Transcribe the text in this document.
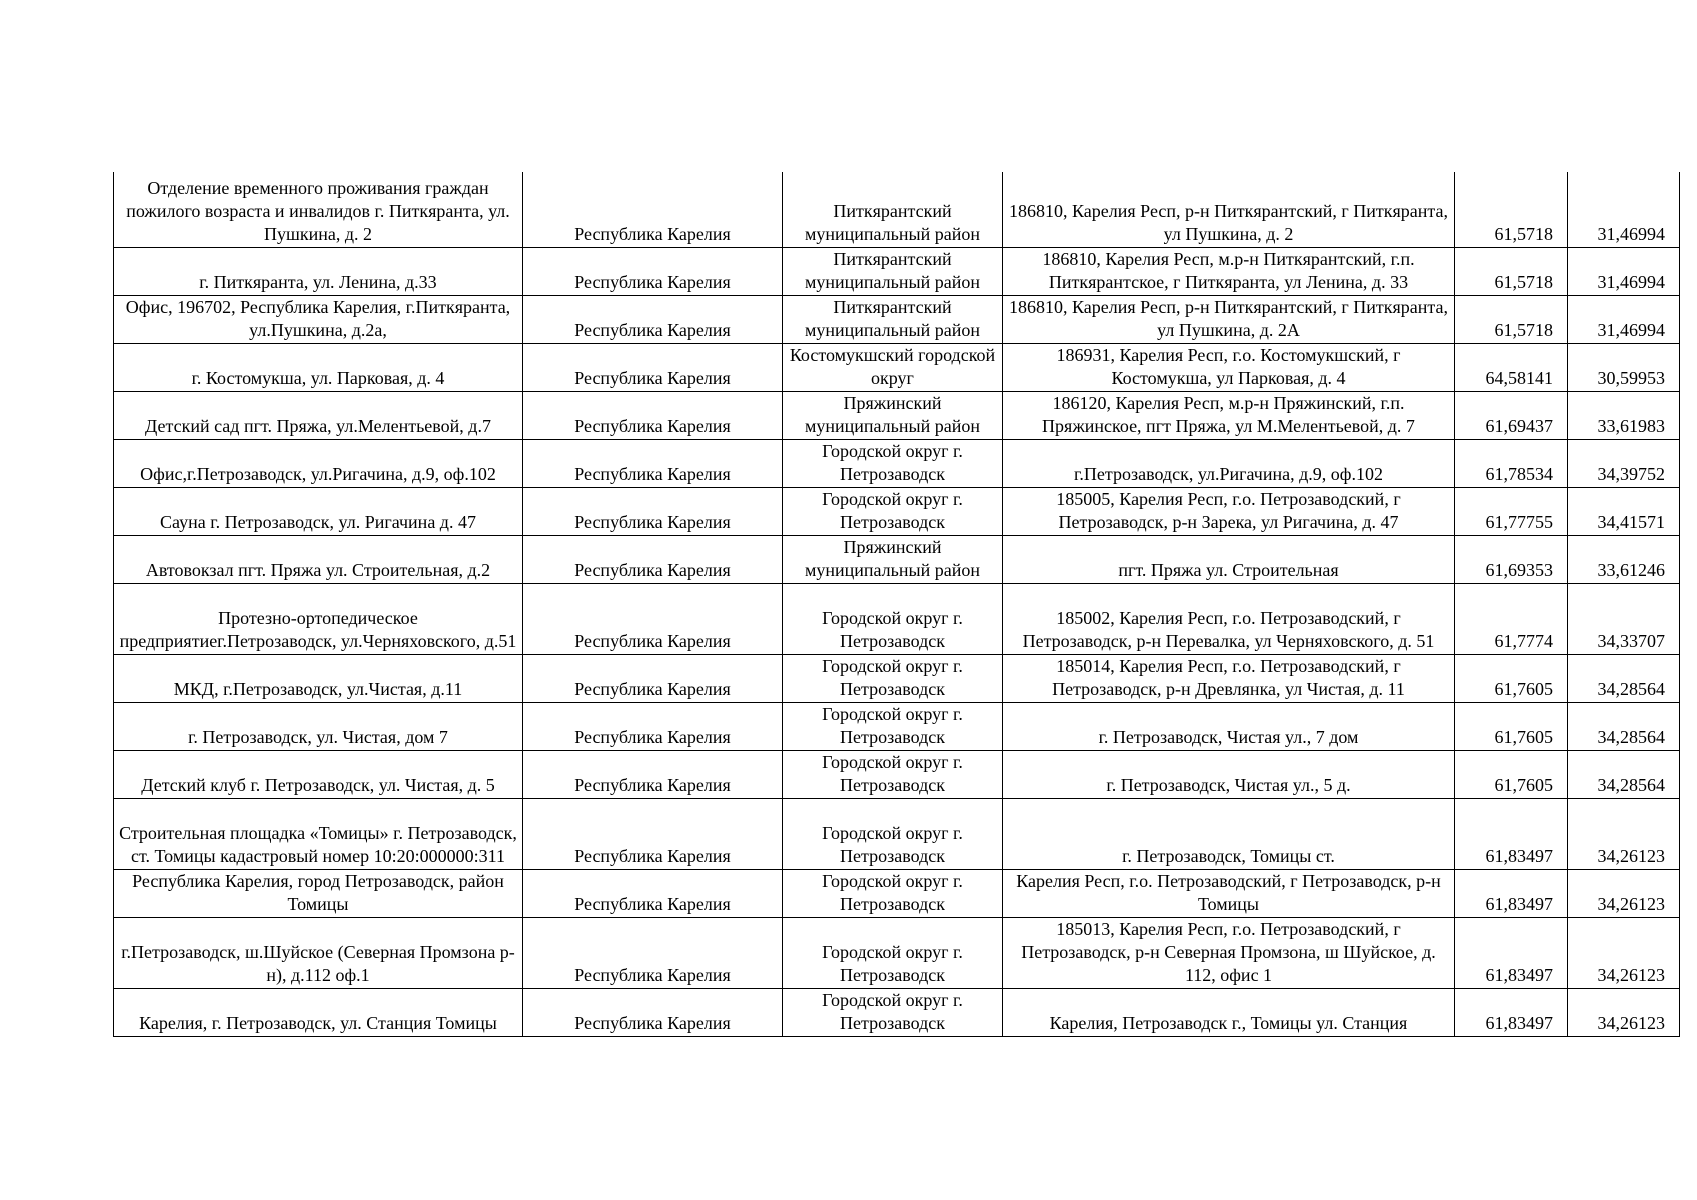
Отделение временного проживания граждан пожилого возраста и инвалидов г. Питкяранта, ул. Пушкина, д. 2	Республика Карелия	Питкярантский муниципальный район	186810, Карелия Респ, р-н Питкярантский, г Питкяранта, ул Пушкина, д. 2	61,5718	31,46994
г. Питкяранта, ул. Ленина, д.33	Республика Карелия	Питкярантский муниципальный район	186810, Карелия Респ, м.р-н Питкярантский, г.п. Питкярантское, г Питкяранта, ул Ленина, д. 33	61,5718	31,46994
Офис, 196702, Республика Карелия, г.Питкяранта, ул.Пушкина, д.2а,	Республика Карелия	Питкярантский муниципальный район	186810, Карелия Респ, р-н Питкярантский, г Питкяранта, ул Пушкина, д. 2А	61,5718	31,46994
г. Костомукша, ул. Парковая, д. 4	Республика Карелия	Костомукшский городской округ	186931, Карелия Респ, г.о. Костомукшский, г Костомукша, ул Парковая, д. 4	64,58141	30,59953
Детский сад пгт. Пряжа, ул.Мелентьевой, д.7	Республика Карелия	Пряжинский муниципальный район	186120, Карелия Респ, м.р-н Пряжинский, г.п. Пряжинское, пгт Пряжа, ул М.Мелентьевой, д. 7	61,69437	33,61983
Офис,г.Петрозаводск, ул.Ригачина, д.9, оф.102	Республика Карелия	Городской округ г. Петрозаводск	г.Петрозаводск, ул.Ригачина, д.9, оф.102	61,78534	34,39752
Сауна г. Петрозаводск, ул. Ригачина д. 47	Республика Карелия	Городской округ г. Петрозаводск	185005, Карелия Респ, г.о. Петрозаводский, г Петрозаводск, р-н Зарека, ул Ригачина, д. 47	61,77755	34,41571
Автовокзал пгт. Пряжа ул. Строительная, д.2	Республика Карелия	Пряжинский муниципальный район	пгт. Пряжа ул. Строительная	61,69353	33,61246
Протезно-ортопедическое предприятиег.Петрозаводск, ул.Черняховского, д.51	Республика Карелия	Городской округ г. Петрозаводск	185002, Карелия Респ, г.о. Петрозаводский, г Петрозаводск, р-н Перевалка, ул Черняховского, д. 51	61,7774	34,33707
МКД, г.Петрозаводск, ул.Чистая, д.11	Республика Карелия	Городской округ г. Петрозаводск	185014, Карелия Респ, г.о. Петрозаводский, г Петрозаводск, р-н Древлянка, ул Чистая, д. 11	61,7605	34,28564
г. Петрозаводск, ул. Чистая, дом 7	Республика Карелия	Городской округ г. Петрозаводск	г. Петрозаводск, Чистая ул., 7 дом	61,7605	34,28564
Детский клуб г. Петрозаводск, ул. Чистая, д. 5	Республика Карелия	Городской округ г. Петрозаводск	г. Петрозаводск, Чистая ул., 5 д.	61,7605	34,28564
Строительная площадка «Томицы» г. Петрозаводск, ст. Томицы кадастровый номер 10:20:000000:311	Республика Карелия	Городской округ г. Петрозаводск	г. Петрозаводск, Томицы ст.	61,83497	34,26123
Республика Карелия, город Петрозаводск, район Томицы	Республика Карелия	Городской округ г. Петрозаводск	Карелия Респ, г.о. Петрозаводский, г Петрозаводск, р-н Томицы	61,83497	34,26123
г.Петрозаводск, ш.Шуйское (Северная Промзона р-н), д.112 оф.1	Республика Карелия	Городской округ г. Петрозаводск	185013, Карелия Респ, г.о. Петрозаводский, г Петрозаводск, р-н Северная Промзона, ш Шуйское, д. 112, офис 1	61,83497	34,26123
Карелия, г. Петрозаводск, ул. Станция Томицы	Республика Карелия	Городской округ г. Петрозаводск	Карелия, Петрозаводск г., Томицы ул. Станция	61,83497	34,26123
